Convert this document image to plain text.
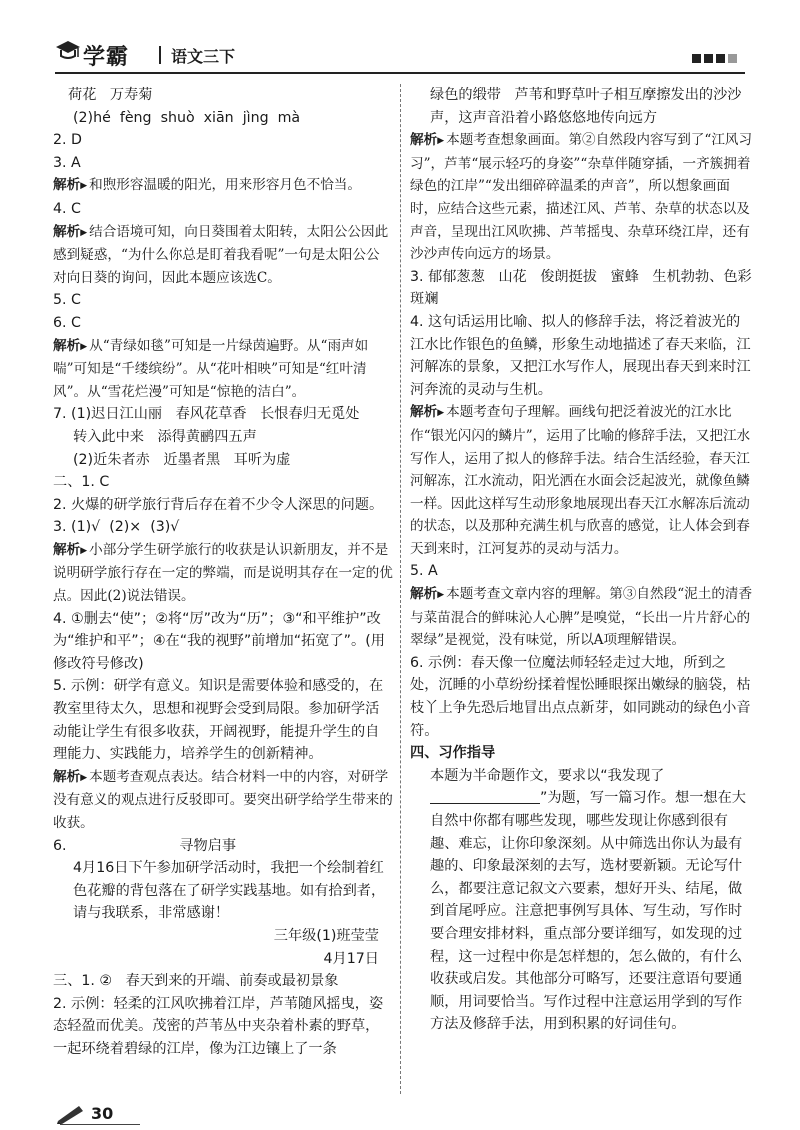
学霸	语文三下
荷花   万寿菊
(2)hé  fèng  shuò  xiān  jìng  mà
2. D
3. A
解析▶ 和煦形容温暖的阳光，用来形容月色不恰当。
4. C
解析▶ 结合语境可知，向日葵围着太阳转，太阳公公因此感到疑惑，“为什么你总是盯着我看呢”一句是太阳公公对向日葵的询问，因此本题应该选C。
5. C
6. C
解析▶ 从“青绿如毯”可知是一片绿茵遍野。从“雨声如喘”可知是“千缕缤纷”。从“花叶相映”可知是“红叶清风”。从“雪花烂漫”可知是“惊艳的洁白”。
7. (1)迟日江山丽   春风花草香   长恨春归无觅处
转入此中来   添得黄鹂四五声
(2)近朱者赤   近墨者黑   耳听为虚
二、1. C
2. 火爆的研学旅行背后存在着不少令人深思的问题。
3. (1)√  (2)×  (3)√
解析▶ 小部分学生研学旅行的收获是认识新朋友，并不是说明研学旅行存在一定的弊端，而是说明其存在一定的优点。因此(2)说法错误。
4. ①删去“使”；②将“厉”改为“历”；③“和平维护”改为“维护和平”；④在“我的视野”前增加“拓宽了”。(用修改符号修改)
5. 示例：研学有意义。知识是需要体验和感受的，在教室里待太久，思想和视野会受到局限。参加研学活动能让学生有很多收获，开阔视野，能提升学生的自理能力、实践能力，培养学生的创新精神。
解析▶ 本题考查观点表达。结合材料一中的内容，对研学没有意义的观点进行反驳即可。要突出研学给学生带来的收获。
6.                         寻物启事
4月16日下午参加研学活动时，我把一个绘制着红色花瓣的背包落在了研学实践基地。如有拾到者，请与我联系，非常感谢！
三年级(1)班莹莹
4月17日
三、1. ②   春天到来的开端、前奏或最初景象
2. 示例：轻柔的江风吹拂着江岸，芦苇随风摇曳，姿态轻盈而优美。茂密的芦苇丛中夹杂着朴素的野草，一起环绕着碧绿的江岸，像为江边镶上了一条
绿色的缎带   芦苇和野草叶子相互摩擦发出的沙沙声，这声音沿着小路悠悠地传向远方
解析▶ 本题考查想象画面。第②自然段内容写到了“江风习习”，芦苇“展示轻巧的身姿”“杂草伴随穿插，一齐簇拥着绿色的江岸”“发出细碎碎温柔的声音”，所以想象画面时，应结合这些元素，描述江风、芦苇、杂草的状态以及声音，呈现出江风吹拂、芦苇摇曳、杂草环绕江岸，还有沙沙声传向远方的场景。
3. 郁郁葱葱   山花   俊朗挺拔   蜜蜂   生机勃勃、色彩斑斓
4. 这句话运用比喻、拟人的修辞手法，将泛着波光的江水比作银色的鱼鳞，形象生动地描述了春天来临，江河解冻的景象，又把江水写作人，展现出春天到来时江河奔流的灵动与生机。
解析▶ 本题考查句子理解。画线句把泛着波光的江水比作“银光闪闪的鳞片”，运用了比喻的修辞手法，又把江水写作人，运用了拟人的修辞手法。结合生活经验，春天江河解冻，江水流动，阳光洒在水面会泛起波光，就像鱼鳞一样。因此这样写生动形象地展现出春天江水解冻后流动的状态，以及那种充满生机与欣喜的感觉，让人体会到春天到来时，江河复苏的灵动与活力。
5. A
解析▶ 本题考查文章内容的理解。第③自然段“泥土的清香与菜苗混合的鲜味沁人心脾”是嗅觉，“长出一片片舒心的翠绿”是视觉，没有味觉，所以A项理解错误。
6. 示例：春天像一位魔法师轻轻走过大地，所到之处，沉睡的小草纷纷揉着惺忪睡眼探出嫩绿的脑袋，枯枝丫上争先恐后地冒出点点新芽，如同跳动的绿色小音符。
四、习作指导
本题为半命题作文，要求以“我发现了”为题，写一篇习作。想一想在大自然中你都有哪些发现，哪些发现让你感到很有趣、难忘，让你印象深刻。从中筛选出你认为最有趣的、印象最深刻的去写，选材要新颖。无论写什么，都要注意记叙文六要素，想好开头、结尾，做到首尾呼应。注意把事例写具体、写生动，写作时要合理安排材料，重点部分要详细写，如发现的过程，这一过程中你是怎样想的，怎么做的，有什么收获或启发。其他部分可略写，还要注意语句要通顺，用词要恰当。写作过程中注意运用学到的写作方法及修辞手法，用到积累的好词佳句。
30
